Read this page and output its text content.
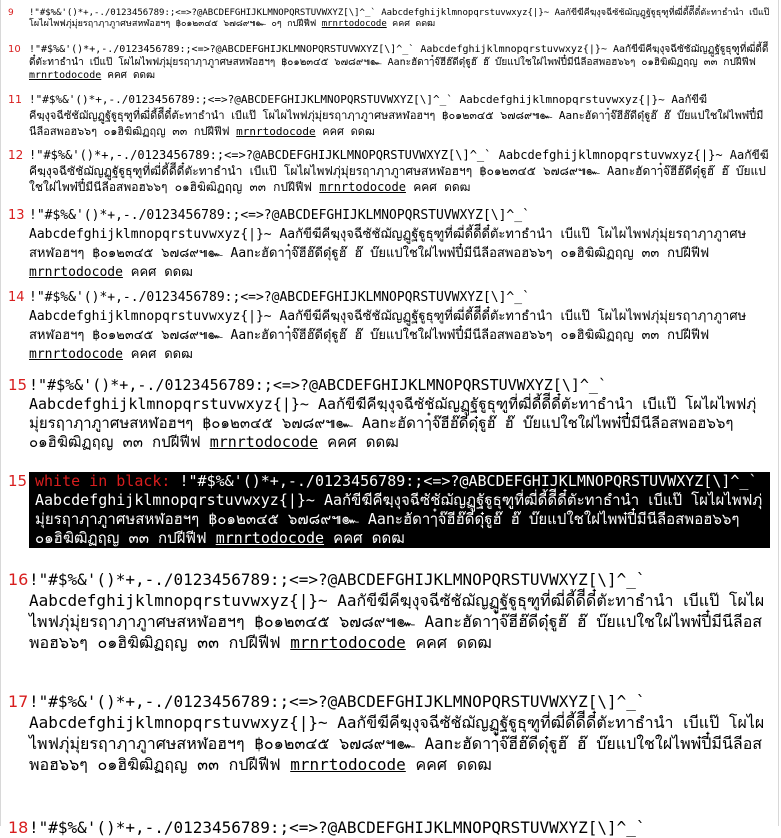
9 !"#$%&'()*+,-./0123456789:;<=>?@ABCDEFGHIJKLMNOPQRSTUVWXYZ[\]^_` Aabcdefghijklmnopqrstuvwxyz{|}~ Aaกัขีฆีคีฆฺงุจฉีซัชัฌัญฏูฐัฐูธุฑูที่ฒี่ดี้ดีีดี๋ตัะทาธำนำ เบีแป๊ โผไผไพฟภุ่มุ่ยรฤาฦาภูาศษสหฬอฮฯๆ ฿๐๑๒๓๔๕ ๖๗๘๙๚๛ ๐ๆ กปฝีฟีฟ mrnrtodocode คคศ ดดฒ
10 !"#$%&'()*+,-./0123456789:;<=>?@ABCDEFGHIJKLMNOPQRSTUVWXYZ[\]^_` Aabcdefghijklmnopqrstuvwxyz{|}~ Aaกัขีฆีคีฆฺงุจฉีซัชัฌัญฏูฐัฐูธุฑูที่ฒี่ดี้ดีีดี๋ตัะทาธำนำ เบีแป๊ โผไผไพฟภุ่มุ่ยรฤาฦาภูาศษสหฬอฮฯๆ ฿๐๑๒๓๔๕ ๖๗๘๙๚๛ Aanะฮัดาๅ๋จ๊ฮีฮ๊ดีดุ๋ฐูฮ๊ ฮ๊ บ๊ยแปใชใฝไพพ๋ปี๋มีนีลีอสพอฮ๖๖ๆ ๐๑ฮิฆิฒิฏฤญ ๓๓ กปฝีฟีฟ mrnrtodocode คคศ ดดฒ
11 !"#$%&'()*+,-./0123456789:;<=>?@ABCDEFGHIJKLMNOPQRSTUVWXYZ[\]^_` Aabcdefghijklmnopqrstuvwxyz{|}~ Aaกัขีฆีคีฆฺงุจฉีซัชัฌัญฏูฐัฐูธุฑูที่ฒี่ดี้ดีีดี๋ตัะทาธำนำ เบีแป๊ โผไผไพฟภุ่มุ่ยรฤาฦาภูาศษสหฬอฮฯๆ ฿๐๑๒๓๔๕ ๖๗๘๙๚๛ Aanะฮัดาๅ๋จ๊ฮีฮ๊ดีดุ๋ฐูฮ๊ ฮ๊ บ๊ยแปใชใฝไพพ๋ปี๋มีนีลีอสพอฮ๖๖ๆ ๐๑ฮิฆิฒิฏฤญ ๓๓ กปฝีฟีฟ mrnrtodocode คคศ ดดฒ
12 !"#$%&'()*+,-./0123456789:;<=>?@ABCDEFGHIJKLMNOPQRSTUVWXYZ[\]^_` Aabcdefghijklmnopqrstuvwxyz{|}~ Aaกัขีฆีคีฆฺงุจฉีซัชัฌัญฏูฐัฐูธุฑูที่ฒี่ดี้ดีีดี๋ตัะทาธำนำ เบีแป๊ โผไผไพฟภุ่มุ่ยรฤาฦาภูาศษสหฬอฮฯๆ ฿๐๑๒๓๔๕ ๖๗๘๙๚๛ Aanะฮัดาๅ๋จ๊ฮีฮ๊ดีดุ๋ฐูฮ๊ ฮ๊ บ๊ยแปใชใฝไพพ๋ปี๋มีนีลีอสพอฮ๖๖ๆ ๐๑ฮิฆิฒิฏฤญ ๓๓ กปฝีฟีฟ mrnrtodocode คคศ ดดฒ
13 !"#$%&'()*+,-./0123456789:;<=>?@ABCDEFGHIJKLMNOPQRSTUVWXYZ[\]^_` Aabcdefghijklmnopqrstuvwxyz{|}~ Aaกัขีฆีคีฆฺงุจฉีซัชัฌัญฏูฐัฐูธุฑูที่ฒี่ดี้ดีีดี๋ตัะทาธำนำ เบีแป๊ โผไผไพฟภุ่มุ่ยรฤาฦาภูาศษสหฬอฮฯๆ ฿๐๑๒๓๔๕ ๖๗๘๙๚๛ Aanะฮัดาๅ๋จ๊ฮีฮ๊ดีดุ๋ฐูฮ๊ ฮ๊ บ๊ยแปใชใฝไพพ๋ปี๋มีนีลีอสพอฮ๖๖ๆ ๐๑ฮิฆิฒิฏฤญ ๓๓ กปฝีฟีฟ mrnrtodocode คคศ ดดฒ
14 !"#$%&'()*+,-./0123456789:;<=>?@ABCDEFGHIJKLMNOPQRSTUVWXYZ[\]^_` Aabcdefghijklmnopqrstuvwxyz{|}~ Aaกัขีฆีคีฆฺงุจฉีซัชัฌัญฏูฐัฐูธุฑูที่ฒี่ดี้ดีีดี๋ตัะทาธำนำ เบีแป๊ โผไผไพฟภุ่มุ่ยรฤาฦาภูาศษสหฬอฮฯๆ ฿๐๑๒๓๔๕ ๖๗๘๙๚๛ Aanะฮัดาๅ๋จ๊ฮีฮ๊ดีดุ๋ฐูฮ๊ ฮ๊ บ๊ยแปใชใฝไพพ๋ปี๋มีนีลีอสพอฮ๖๖ๆ ๐๑ฮิฆิฒิฏฤญ ๓๓ กปฝีฟีฟ mrnrtodocode คคศ ดดฒ
15 !"#$%&'()*+,-./0123456789:;<=>?@ABCDEFGHIJKLMNOPQRSTUVWXYZ[\]^_` Aabcdefghijklmnopqrstuvwxyz{|}~ Aaกัขีฆีคีฆฺงุจฉีซัชัฌัญฏูฐัฐูธุฑูที่ฒี่ดี้ดีีดี๋ตัะทาธำนำ เบีแป๊ โผไผไพฟภุ่มุ่ยรฤาฦาภูาศษสหฬอฮฯๆ ฿๐๑๒๓๔๕ ๖๗๘๙๚๛ Aanะฮัดาๅ๋จ๊ฮีฮ๊ดีดุ๋ฐูฮ๊ ฮ๊ บ๊ยแปใชใฝไพพ๋ปี๋มีนีลีอสพอฮ๖๖ๆ ๐๑ฮิฆิฒิฏฤญ ๓๓ กปฝีฟีฟ mrnrtodocode คคศ ดดฒ
15 white in black: !"#$%&'()*+,-./0123456789:;<=>?@ABCDEFGHIJKLMNOPQRSTUVWXYZ[\]^_` Aabcdefghijklmnopqrstuvwxyz{|}~ Aaกัขีฆีคีฆฺงุจฉีซัชัฌัญฏูฐัฐูธุฑูที่ฒี่ดี้ดีีดี๋ตัะทาธำนำ เบีแป๊ โผไผไพฟภุ่มุ่ยรฤาฦาภูาศษสหฬอฮฯๆ ฿๐๑๒๓๔๕ ๖๗๘๙๚๛ Aanะฮัดาๅ๋จ๊ฮีฮ๊ดีดุ๋ฐูฮ๊ ฮ๊ บ๊ยแปใชใฝไพพ๋ปี๋มีนีลีอสพอฮ๖๖ๆ ๐๑ฮิฆิฒิฏฤญ ๓๓ กปฝีฟีฟ mrnrtodocode คคศ ดดฒ
16 !"#$%&'()*+,-./0123456789:;<=>?@ABCDEFGHIJKLMNOPQRSTUVWXYZ[\]^_` Aabcdefghijklmnopqrstuvwxyz{|}~ Aaกัขีฆีคีฆฺงุจฉีซัชัฌัญฏูฐัฐูธุฑูที่ฒี่ดี้ดีีดี๋ตัะทาธำนำ เบีแป๊ โผไผไพฟภุ่มุ่ยรฤาฦาภูาศษสหฬอฮฯๆ ฿๐๑๒๓๔๕ ๖๗๘๙๚๛ Aanะฮัดาๅ๋จ๊ฮีฮ๊ดีดุ๋ฐูฮ๊ ฮ๊ บ๊ยแปใชใฝไพพ๋ปี๋มีนีลีอสพอฮ๖๖ๆ ๐๑ฮิฆิฒิฏฤญ ๓๓ กปฝีฟีฟ mrnrtodocode คคศ ดดฒ
17 !"#$%&'()*+,-./0123456789:;<=>?@ABCDEFGHIJKLMNOPQRSTUVWXYZ[\]^_` Aabcdefghijklmnopqrstuvwxyz{|}~ Aaกัขีฆีคีฆฺงุจฉีซัชัฌัญฏูฐัฐูธุฑูที่ฒี่ดี้ดีีดี๋ตัะทาธำนำ เบีแป๊ โผไผไพฟภุ่มุ่ยรฤาฦาภูาศษสหฬอฮฯๆ ฿๐๑๒๓๔๕ ๖๗๘๙๚๛ Aanะฮัดาๅ๋จ๊ฮีฮ๊ดีดุ๋ฐูฮ๊ ฮ๊ บ๊ยแปใชใฝไพพ๋ปี๋มีนีลีอสพอฮ๖๖ๆ ๐๑ฮิฆิฒิฏฤญ ๓๓ กปฝีฟีฟ mrnrtodocode คคศ ดดฒ
18 !"#$%&'()*+,-./0123456789:;<=>?@ABCDEFGHIJKLMNOPQRSTUVWXYZ[\]^_`
